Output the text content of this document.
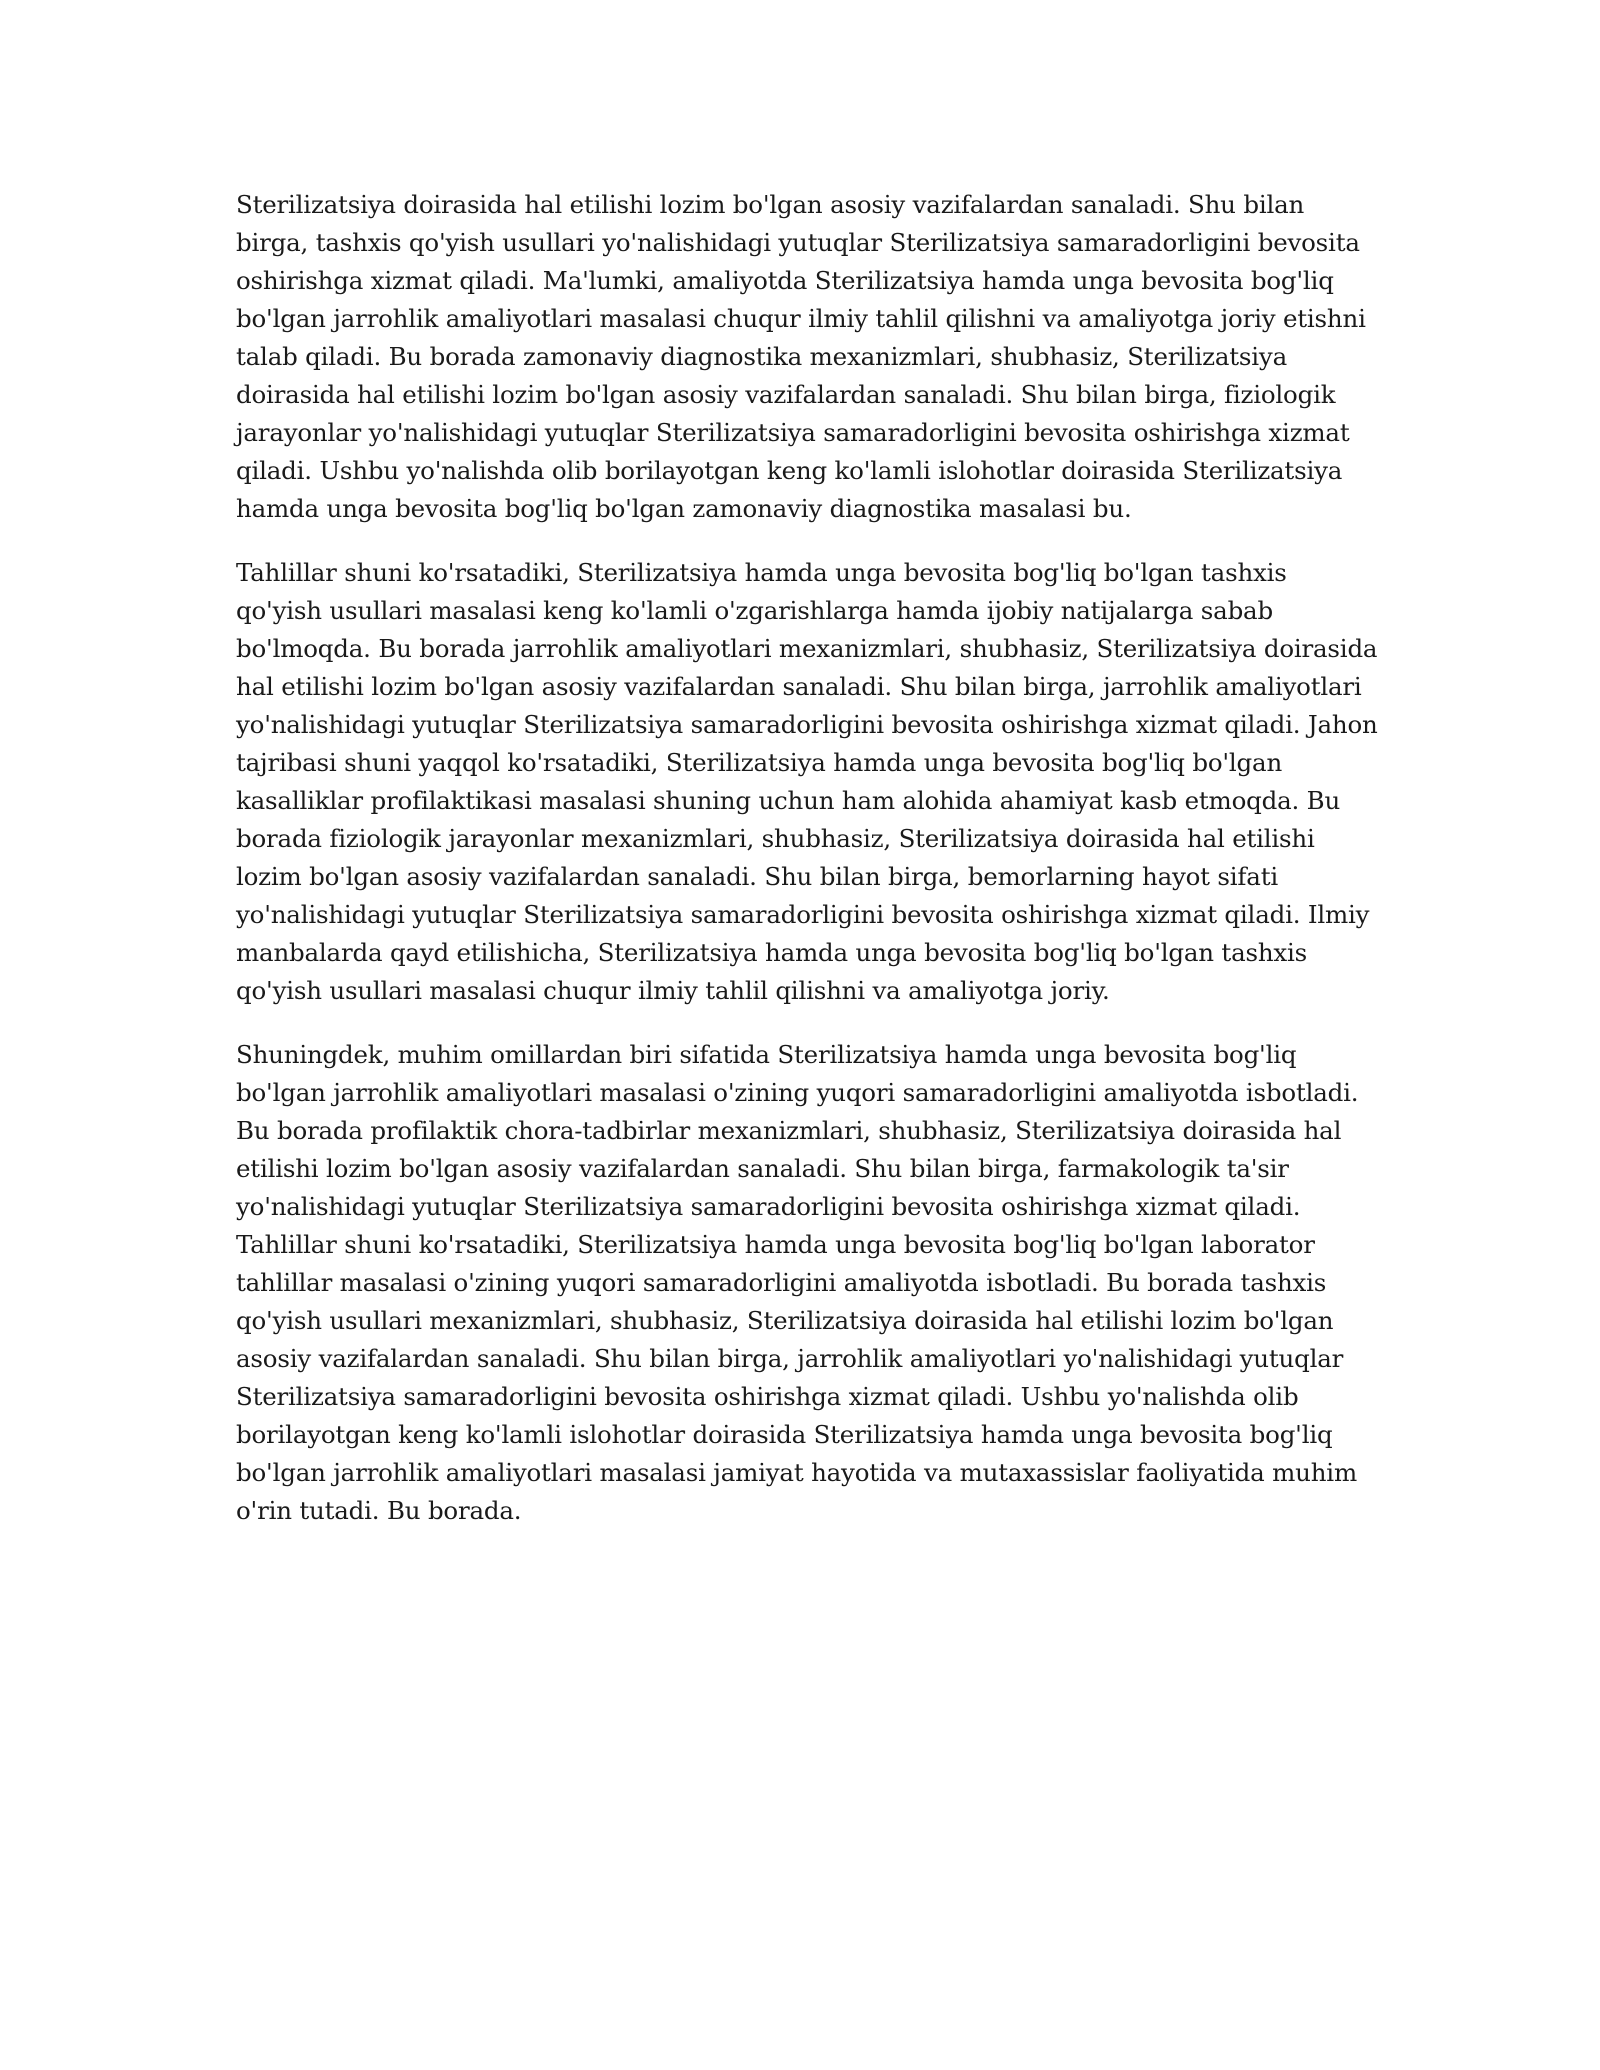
Sterilizatsiya doirasida hal etilishi lozim bo'lgan asosiy vazifalardan sanaladi. Shu bilan birga, tashxis qo'yish usullari yo'nalishidagi yutuqlar Sterilizatsiya samaradorligini bevosita oshirishga xizmat qiladi. Ma'lumki, amaliyotda Sterilizatsiya hamda unga bevosita bog'liq bo'lgan jarrohlik amaliyotlari masalasi chuqur ilmiy tahlil qilishni va amaliyotga joriy etishni talab qiladi. Bu borada zamonaviy diagnostika mexanizmlari, shubhasiz, Sterilizatsiya doirasida hal etilishi lozim bo'lgan asosiy vazifalardan sanaladi. Shu bilan birga, fiziologik jarayonlar yo'nalishidagi yutuqlar Sterilizatsiya samaradorligini bevosita oshirishga xizmat qiladi. Ushbu yo'nalishda olib borilayotgan keng ko'lamli islohotlar doirasida Sterilizatsiya hamda unga bevosita bog'liq bo'lgan zamonaviy diagnostika masalasi bu.

Tahlillar shuni ko'rsatadiki, Sterilizatsiya hamda unga bevosita bog'liq bo'lgan tashxis qo'yish usullari masalasi keng ko'lamli o'zgarishlarga hamda ijobiy natijalarga sabab bo'lmoqda. Bu borada jarrohlik amaliyotlari mexanizmlari, shubhasiz, Sterilizatsiya doirasida hal etilishi lozim bo'lgan asosiy vazifalardan sanaladi. Shu bilan birga, jarrohlik amaliyotlari yo'nalishidagi yutuqlar Sterilizatsiya samaradorligini bevosita oshirishga xizmat qiladi. Jahon tajribasi shuni yaqqol ko'rsatadiki, Sterilizatsiya hamda unga bevosita bog'liq bo'lgan kasalliklar profilaktikasi masalasi shuning uchun ham alohida ahamiyat kasb etmoqda. Bu borada fiziologik jarayonlar mexanizmlari, shubhasiz, Sterilizatsiya doirasida hal etilishi lozim bo'lgan asosiy vazifalardan sanaladi. Shu bilan birga, bemorlarning hayot sifati yo'nalishidagi yutuqlar Sterilizatsiya samaradorligini bevosita oshirishga xizmat qiladi. Ilmiy manbalarda qayd etilishicha, Sterilizatsiya hamda unga bevosita bog'liq bo'lgan tashxis qo'yish usullari masalasi chuqur ilmiy tahlil qilishni va amaliyotga joriy.

Shuningdek, muhim omillardan biri sifatida Sterilizatsiya hamda unga bevosita bog'liq bo'lgan jarrohlik amaliyotlari masalasi o'zining yuqori samaradorligini amaliyotda isbotladi. Bu borada profilaktik chora-tadbirlar mexanizmlari, shubhasiz, Sterilizatsiya doirasida hal etilishi lozim bo'lgan asosiy vazifalardan sanaladi. Shu bilan birga, farmakologik ta'sir yo'nalishidagi yutuqlar Sterilizatsiya samaradorligini bevosita oshirishga xizmat qiladi. Tahlillar shuni ko'rsatadiki, Sterilizatsiya hamda unga bevosita bog'liq bo'lgan laborator tahlillar masalasi o'zining yuqori samaradorligini amaliyotda isbotladi. Bu borada tashxis qo'yish usullari mexanizmlari, shubhasiz, Sterilizatsiya doirasida hal etilishi lozim bo'lgan asosiy vazifalardan sanaladi. Shu bilan birga, jarrohlik amaliyotlari yo'nalishidagi yutuqlar Sterilizatsiya samaradorligini bevosita oshirishga xizmat qiladi. Ushbu yo'nalishda olib borilayotgan keng ko'lamli islohotlar doirasida Sterilizatsiya hamda unga bevosita bog'liq bo'lgan jarrohlik amaliyotlari masalasi jamiyat hayotida va mutaxassislar faoliyatida muhim o'rin tutadi. Bu borada.
